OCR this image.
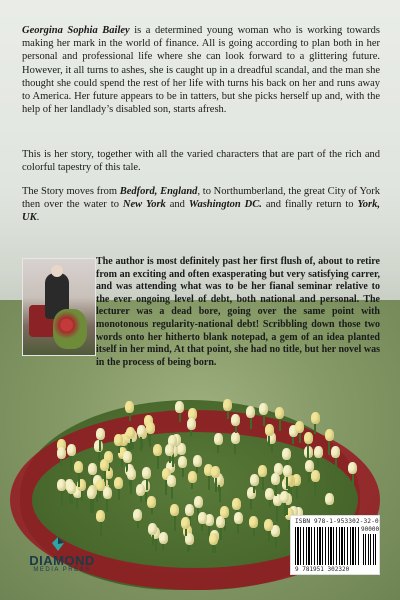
Georgina Sophia Bailey is a determined young woman who is working towards making her mark in the world of finance. All is going according to plan both in her personal and professional life where she can look forward to a glittering future. However, it all turns to ashes, she is caught up in a dreadful scandal, and the man she thought she could spend the rest of her life with turns his back on her and runs away to America. Her future appears to be in tatters, but she picks herself up and, with the help of her landlady’s disabled son, starts afresh.

This is her story, together with all the varied characters that are part of the rich and colorful tapestry of this tale.

The Story moves from Bedford, England, to Northumberland, the great City of York then over the water to New York and Washington DC. and finally return to York, UK.

The author is most definitely past her first flush of, about to retire from an exciting and often exasperating but very satisfying carrer, and was attending what was to be her fianal seminar relative to the ever ongoing level of debt, both national and personal. The lecturer was a dead bore, going over the same point with monotonous regularity-national debt! Scribbling down those two words onto her hitherto blank notepad, a gem of an idea planted itself in her mind, At that point, she had no title, but her novel was in the process of being born.

ISBN 978-1-953302-32-0
90000
9 781951 302320
DIAMOND
MEDIA PRESS
